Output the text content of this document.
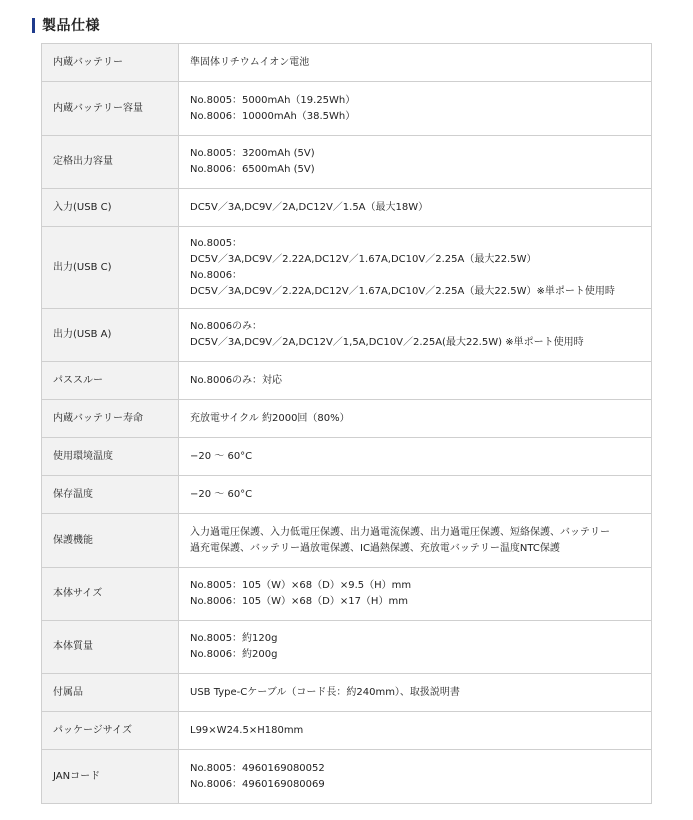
製品仕様
内蔵バッテリー	準固体リチウムイオン電池

内蔵バッテリー容量	No.8005：5000mAh（19.25Wh）
No.8006：10000mAh（38.5Wh）

定格出力容量	No.8005：3200mAh (5V)
No.8006：6500mAh (5V)

入力(USB C)	DC5V／3A,DC9V／2A,DC12V／1.5A（最大18W）

出力(USB C)	No.8005：
DC5V／3A,DC9V／2.22A,DC12V／1.67A,DC10V／2.25A（最大22.5W）
No.8006：
DC5V／3A,DC9V／2.22A,DC12V／1.67A,DC10V／2.25A（最大22.5W）※単ポート使用時

出力(USB A)	No.8006のみ：
DC5V／3A,DC9V／2A,DC12V／1,5A,DC10V／2.25A(最大22.5W) ※単ポート使用時

パススルー	No.8006のみ：対応

内蔵バッテリー寿命	充放電サイクル 約2000回（80%）

使用環境温度	−20 〜 60°C

保存温度	−20 〜 60°C

保護機能	入力過電圧保護、入力低電圧保護、出力過電流保護、出力過電圧保護、短絡保護、バッテリー
過充電保護、バッテリー過放電保護、IC過熱保護、充放電バッテリー温度NTC保護

本体サイズ	No.8005：105（W）×68（D）×9.5（H）mm
No.8006：105（W）×68（D）×17（H）mm

本体質量	No.8005：約120g
No.8006：約200g

付属品	USB Type-Cケーブル（コード長：約240mm）、取扱説明書

パッケージサイズ	L99×W24.5×H180mm

JANコード	No.8005：4960169080052
No.8006：4960169080069
